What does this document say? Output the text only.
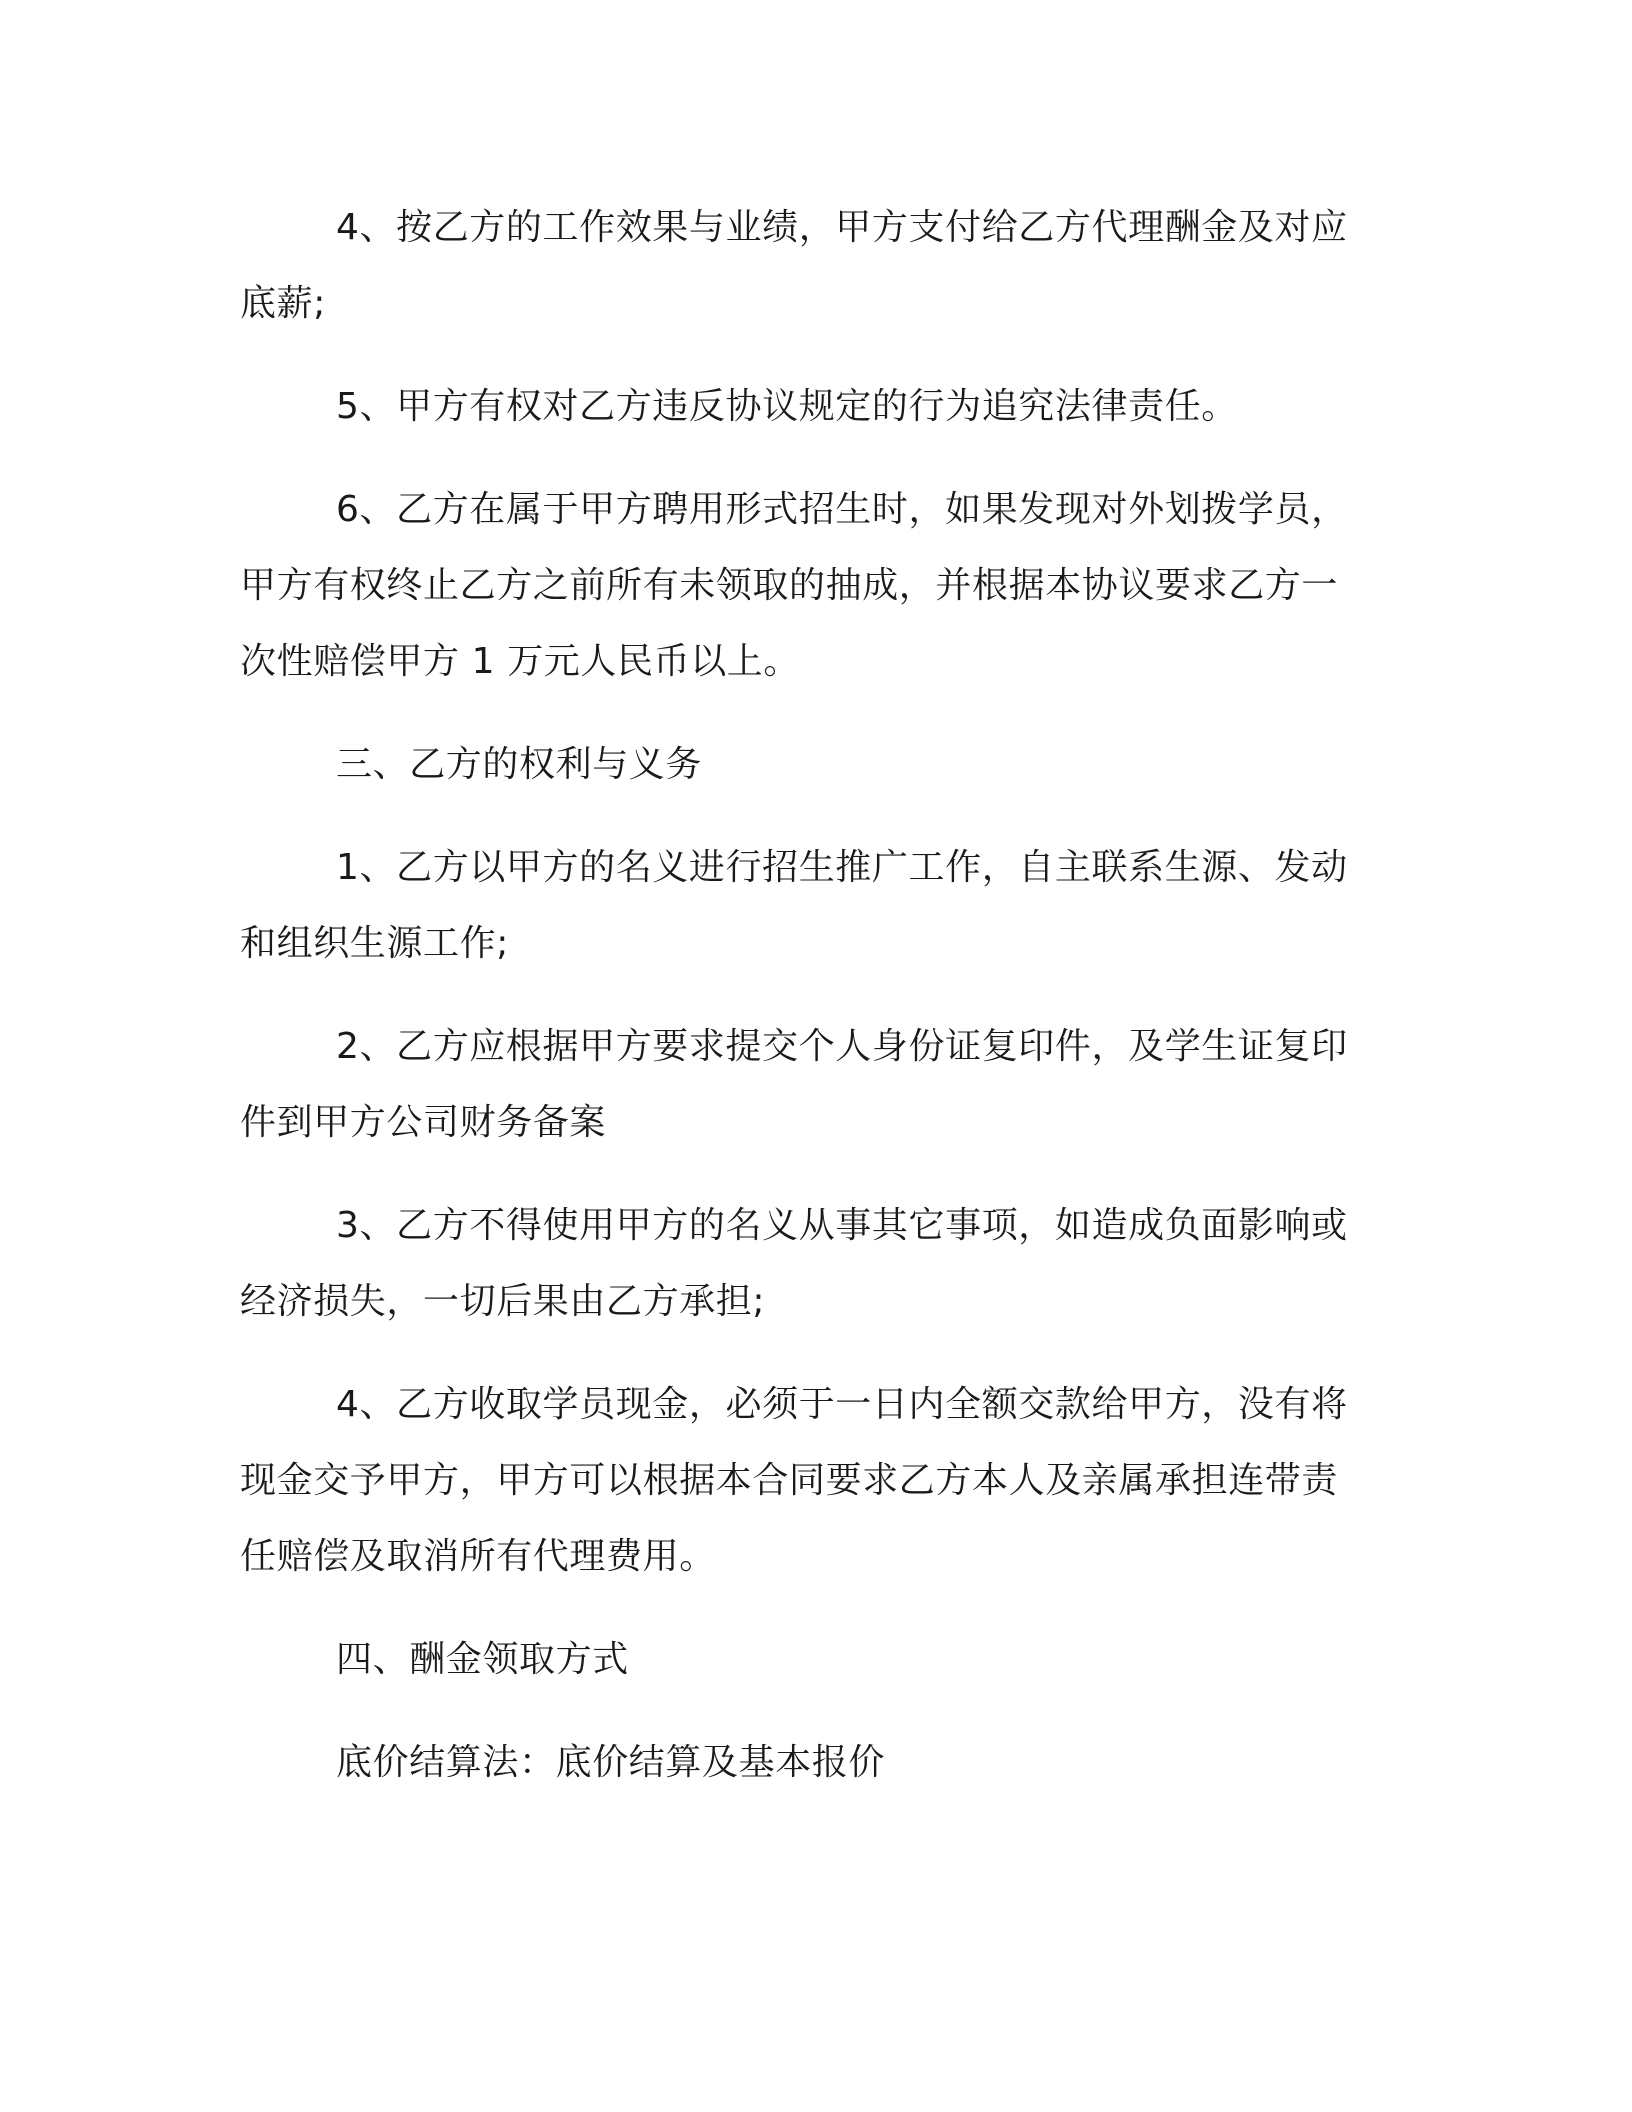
4、按乙方的工作效果与业绩，甲方支付给乙方代理酬金及对应
底薪;

5、甲方有权对乙方违反协议规定的行为追究法律责任。

6、乙方在属于甲方聘用形式招生时，如果发现对外划拨学员，
甲方有权终止乙方之前所有未领取的抽成，并根据本协议要求乙方一
次性赔偿甲方 1 万元人民币以上。

三、乙方的权利与义务

1、乙方以甲方的名义进行招生推广工作，自主联系生源、发动
和组织生源工作;

2、乙方应根据甲方要求提交个人身份证复印件，及学生证复印
件到甲方公司财务备案

3、乙方不得使用甲方的名义从事其它事项，如造成负面影响或
经济损失，一切后果由乙方承担;

4、乙方收取学员现金，必须于一日内全额交款给甲方，没有将
现金交予甲方，甲方可以根据本合同要求乙方本人及亲属承担连带责
任赔偿及取消所有代理费用。

四、酬金领取方式

底价结算法：底价结算及基本报价
